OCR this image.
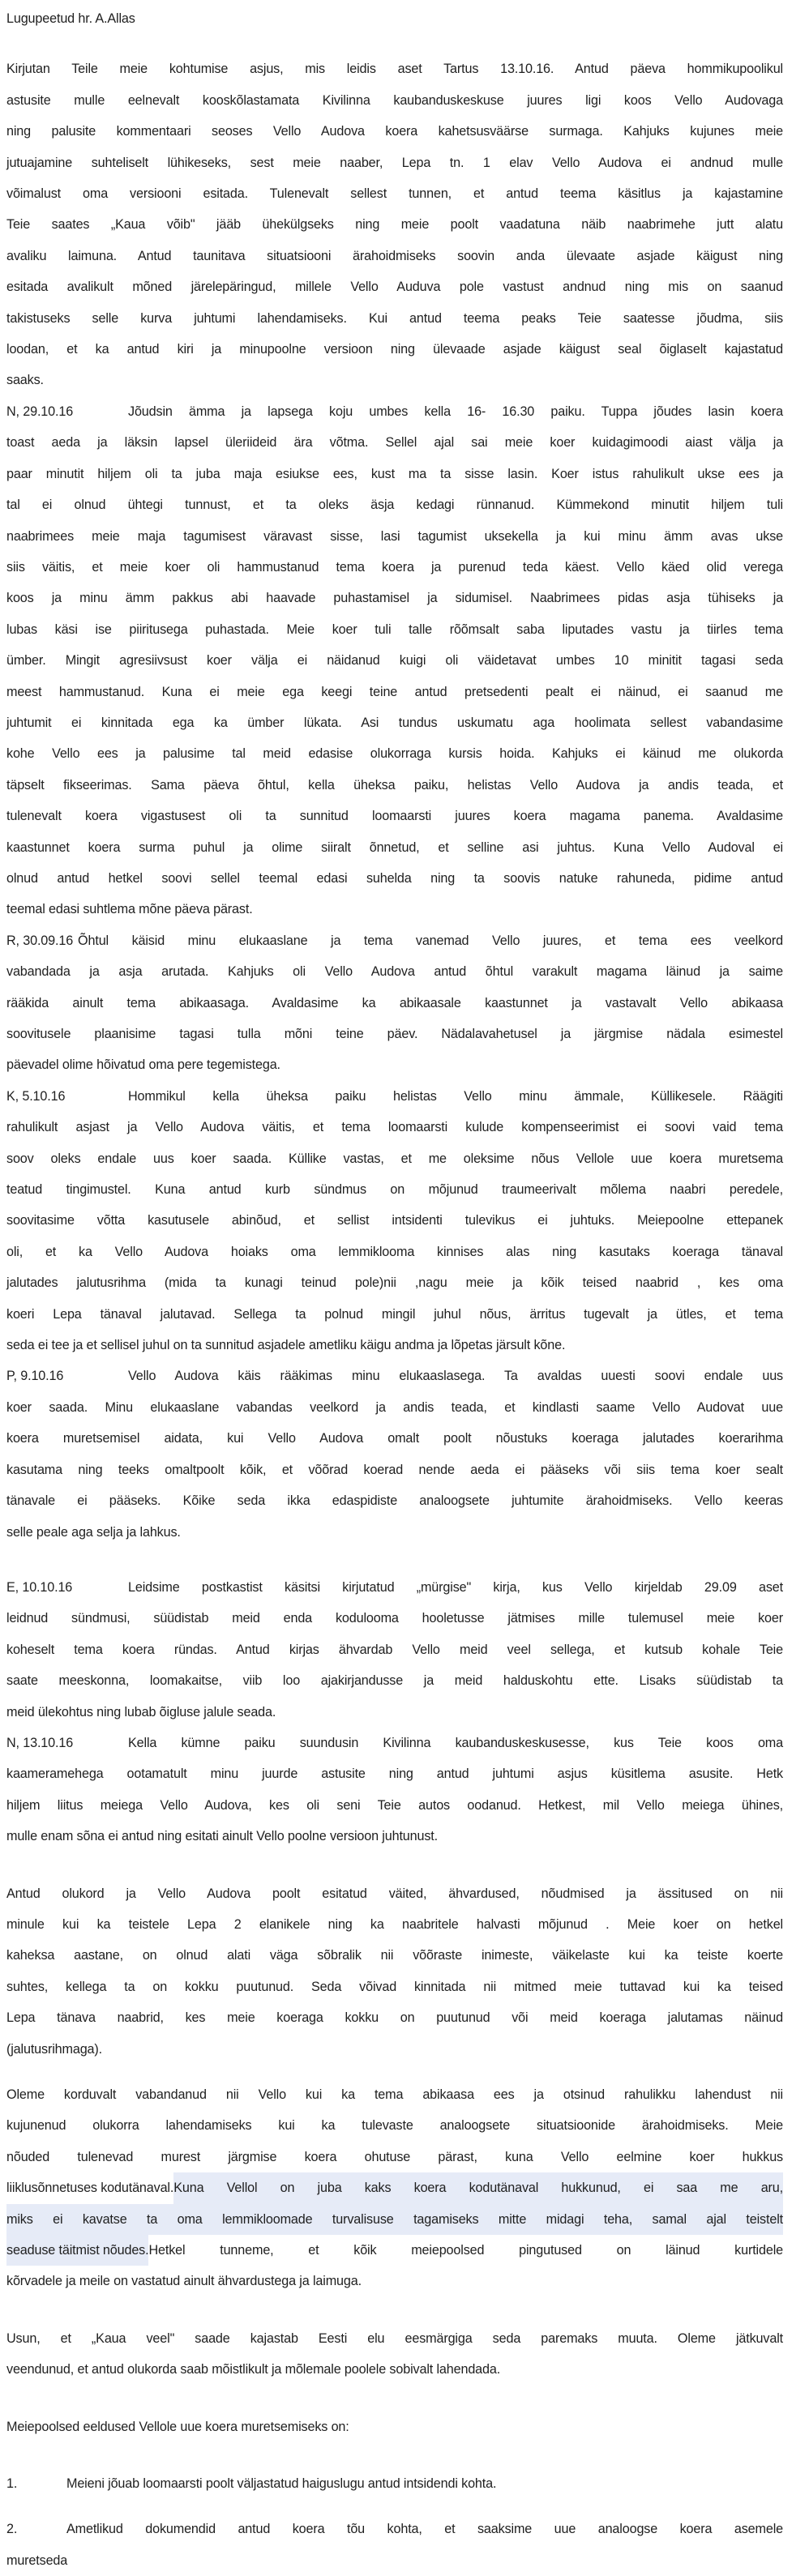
Lugupeetud hr. A.Allas
Kirjutan Teile meie kohtumise asjus, mis leidis aset Tartus 13.10.16. Antud päeva hommikupoolikul
astusite mulle eelnevalt kooskõlastamata Kivilinna kaubanduskeskuse juures ligi koos Vello Audovaga
ning palusite kommentaari seoses Vello Audova koera kahetsusväärse surmaga. Kahjuks kujunes meie
jutuajamine suhteliselt lühikeseks, sest meie naaber, Lepa tn. 1 elav Vello Audova ei andnud mulle
võimalust oma versiooni esitada. Tulenevalt sellest tunnen, et antud teema käsitlus ja kajastamine
Teie saates „Kaua võib" jääb ühekülgseks ning meie poolt vaadatuna näib naabrimehe jutt alatu
avaliku laimuna. Antud taunitava situatsiooni ärahoidmiseks soovin anda ülevaate asjade käigust ning
esitada avalikult mõned järelepäringud, millele Vello Auduva pole vastust andnud ning mis on saanud
takistuseks selle kurva juhtumi lahendamiseks. Kui antud teema peaks Teie saatesse jõudma, siis
loodan, et ka antud kiri ja minupoolne versioon ning ülevaade asjade käigust seal õiglaselt kajastatud
saaks.
N, 29.10.16	Jõudsin ämma ja lapsega koju umbes kella 16- 16.30 paiku. Tuppa jõudes lasin koera
toast aeda ja läksin lapsel üleriideid ära võtma. Sellel ajal sai meie koer kuidagimoodi aiast välja ja
paar minutit hiljem oli ta juba maja esiukse ees, kust ma ta sisse lasin. Koer istus rahulikult ukse ees ja
tal ei olnud ühtegi tunnust, et ta oleks äsja kedagi rünnanud. Kümmekond minutit hiljem tuli
naabrimees meie maja tagumisest väravast sisse, lasi tagumist uksekella ja kui minu ämm avas ukse
siis väitis, et meie koer oli hammustanud tema koera ja purenud teda käest. Vello käed olid verega
koos ja minu ämm pakkus abi haavade puhastamisel ja sidumisel. Naabrimees pidas asja tühiseks ja
lubas käsi ise piiritusega puhastada. Meie koer tuli talle rõõmsalt saba liputades vastu ja tiirles tema
ümber. Mingit agresiivsust koer välja ei näidanud kuigi oli väidetavat umbes 10 minitit tagasi seda
meest hammustanud. Kuna ei meie ega keegi teine antud pretsedenti pealt ei näinud, ei saanud me
juhtumit ei kinnitada ega ka ümber lükata. Asi tundus uskumatu aga hoolimata sellest vabandasime
kohe Vello ees ja palusime tal meid edasise olukorraga kursis hoida. Kahjuks ei käinud me olukorda
täpselt fikseerimas. Sama päeva õhtul, kella üheksa paiku, helistas Vello Audova ja andis teada, et
tulenevalt koera vigastusest oli ta sunnitud loomaarsti juures koera magama panema. Avaldasime
kaastunnet koera surma puhul ja olime siiralt õnnetud, et selline asi juhtus. Kuna Vello Audoval ei
olnud antud hetkel soovi sellel teemal edasi suhelda ning ta soovis natuke rahuneda, pidime antud
teemal edasi suhtlema mõne päeva pärast.
R, 30.09.16 Õhtul käisid minu elukaaslane ja tema vanemad Vello juures, et tema ees veelkord
vabandada ja asja arutada. Kahjuks oli Vello Audova antud õhtul varakult magama läinud ja saime
rääkida ainult tema abikaasaga. Avaldasime ka abikaasale kaastunnet ja vastavalt Vello abikaasa
soovitusele plaanisime tagasi tulla mõni teine päev. Nädalavahetusel ja järgmise nädala esimestel
päevadel olime hõivatud oma pere tegemistega.
K, 5.10.16	Hommikul kella üheksa paiku helistas Vello minu ämmale, Küllikesele. Räägiti
rahulikult asjast ja Vello Audova väitis, et tema loomaarsti kulude kompenseerimist ei soovi vaid tema
soov oleks endale uus koer saada. Küllike vastas, et me oleksime nõus Vellole uue koera muretsema
teatud tingimustel. Kuna antud kurb sündmus on mõjunud traumeerivalt mõlema naabri peredele,
soovitasime võtta kasutusele abinõud, et sellist intsidenti tulevikus ei juhtuks. Meiepoolne ettepanek
oli, et ka Vello Audova hoiaks oma lemmiklooma kinnises alas ning kasutaks koeraga tänaval
jalutades jalutusrihma (mida ta kunagi teinud pole)nii ,nagu meie ja kõik teised naabrid , kes oma
koeri Lepa tänaval jalutavad. Sellega ta polnud mingil juhul nõus, ärritus tugevalt ja ütles, et tema
seda ei tee ja et sellisel juhul on ta sunnitud asjadele ametliku käigu andma ja lõpetas järsult kõne.
P, 9.10.16	Vello Audova käis rääkimas minu elukaaslasega. Ta avaldas uuesti soovi endale uus
koer saada. Minu elukaaslane vabandas veelkord ja andis teada, et kindlasti saame Vello Audovat uue
koera muretsemisel aidata, kui Vello Audova omalt poolt nõustuks koeraga jalutades koerarihma
kasutama ning teeks omaltpoolt kõik, et võõrad koerad nende aeda ei pääseks või siis tema koer sealt
tänavale ei pääseks. Kõike seda ikka edaspidiste analoogsete juhtumite ärahoidmiseks. Vello keeras
selle peale aga selja ja lahkus.
E, 10.10.16	Leidsime postkastist käsitsi kirjutatud „mürgise" kirja, kus Vello kirjeldab 29.09 aset
leidnud sündmusi, süüdistab meid enda kodulooma hooletusse jätmises mille tulemusel meie koer
koheselt tema koera ründas. Antud kirjas ähvardab Vello meid veel sellega, et kutsub kohale Teie
saate meeskonna, loomakaitse, viib loo ajakirjandusse ja meid halduskohtu ette. Lisaks süüdistab ta
meid ülekohtus ning lubab õigluse jalule seada.
N, 13.10.16	Kella kümne paiku suundusin Kivilinna kaubanduskeskusesse, kus Teie koos oma
kaameramehega ootamatult minu juurde astusite ning antud juhtumi asjus küsitlema asusite. Hetk
hiljem liitus meiega Vello Audova, kes oli seni Teie autos oodanud. Hetkest, mil Vello meiega ühines,
mulle enam sõna ei antud ning esitati ainult Vello poolne versioon juhtunust.
Antud olukord ja Vello Audova poolt esitatud väited, ähvardused, nõudmised ja ässitused on nii
minule kui ka teistele Lepa 2 elanikele ning ka naabritele halvasti mõjunud . Meie koer on hetkel
kaheksa aastane, on olnud alati väga sõbralik nii võõraste inimeste, väikelaste kui ka teiste koerte
suhtes, kellega ta on kokku puutunud. Seda võivad kinnitada nii mitmed meie tuttavad kui ka teised
Lepa tänava naabrid, kes meie koeraga kokku on puutunud või meid koeraga jalutamas näinud
(jalutusrihmaga).
Oleme korduvalt vabandanud nii Vello kui ka tema abikaasa ees ja otsinud rahulikku lahendust nii
kujunenud olukorra lahendamiseks kui ka tulevaste analoogsete situatsioonide ärahoidmiseks. Meie
nõuded tulenevad murest järgmise koera ohutuse pärast, kuna Vello eelmine koer hukkus
liiklusõnnetuses kodutänaval. Kuna Vellol on juba kaks koera kodutänaval hukkunud, ei saa me aru,
miks ei kavatse ta oma lemmikloomade turvalisuse tagamiseks mitte midagi teha, samal ajal teistelt
seaduse täitmist nõudes. Hetkel tunneme, et kõik meiepoolsed pingutused on läinud kurtidele
kõrvadele ja meile on vastatud ainult ähvardustega ja laimuga.
Usun, et „Kaua veel" saade kajastab Eesti elu eesmärgiga seda paremaks muuta. Oleme jätkuvalt
veendunud, et antud olukorda saab mõistlikult ja mõlemale poolele sobivalt lahendada.
Meiepoolsed eeldused Vellole uue koera muretsemiseks on:
1.	Meieni jõuab loomaarsti poolt väljastatud haiguslugu antud intsidendi kohta.
2.	Ametlikud dokumendid antud koera tõu kohta, et saaksime uue analoogse koera asemele
muretseda
